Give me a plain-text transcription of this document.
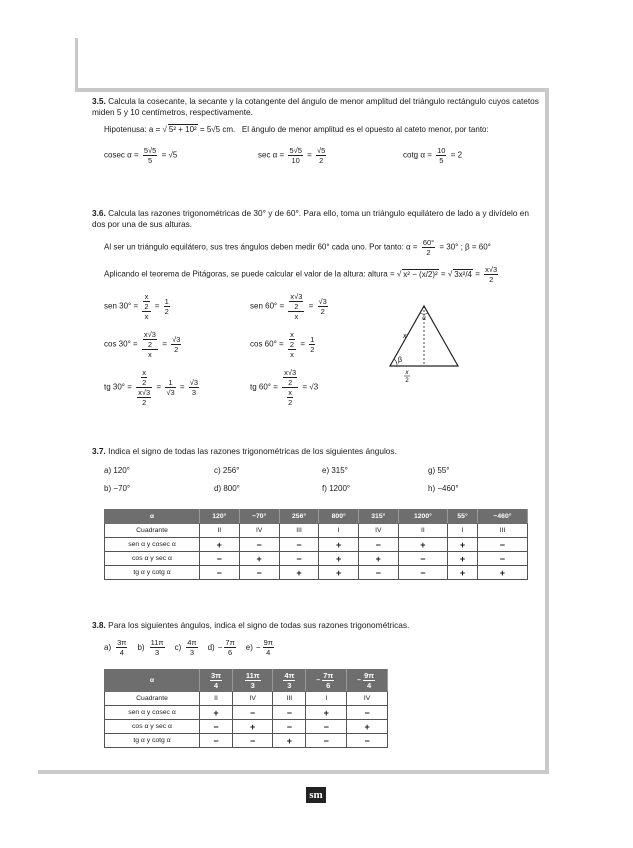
3.5. Calcula la cosecante, la secante y la cotangente del ángulo de menor amplitud del triángulo rectángulo cuyos catetos miden 5 y 10 centímetros, respectivamente.
Hipotenusa: a = √ 5² + 10² = 5√5 cm. El ángulo de menor amplitud es el opuesto al cateto menor, por tanto:
cosec $\alpha = \frac{5√5}{5} = √5$	$\sec \alpha = \frac{5√5}{10} = \frac{√5}{2}$	cotg $\alpha = \frac{10}{5} = 2$
3.6. Calcula las razones trigonométricas de 30° y de 60°. Para ello, toma un triángulo equilátero de lado a y divídelo en dos por una de sus alturas.
Al ser un triángulo equilátero, sus tres ángulos deben medir 60° cada uno. Por tanto: $\alpha = \frac{60^\circ}{2} = 30^\circ$ ; β = 60°
Aplicando el teorema de Pitágoras, se puede calcular el valor de la altura: altura = √ x² − (x/2)² = √ $3x^2/4 = \frac{x√3}{2}$
sen $30^\circ = \frac{\frac{x}{2}}{x} = \frac{1}{2}$
$\cos 30^\circ = \frac{\frac{x√3}{2}}{x} = \frac{√3}{2}$
tg $30^\circ = \frac{\frac{x}{2}}{\frac{x√3}{2}} = \frac{1}{√3} = \frac{√3}{3}$
sen $60^\circ = \frac{\frac{x√3}{2}}{x} = \frac{√3}{2}$
$\cos 60^\circ = \frac{\frac{x}{2}}{x} = \frac{1}{2}$
tg $60^\circ = \frac{\frac{x√3}{2}}{\frac{x}{2}} = √3$
α
β
x
x
2
3.7. Indica el signo de todas las razones trigonométricas de los siguientes ángulos.
a) 120°
b) −70°
c) 256°
d) 800°
e) 315°
f) 1200°
g) 55°
h) −460°
α	120°	−70°	256°	800°	315°	1200°	55°	−460°
Cuadrante	II	IV	III	I	IV	II	I	III
sen α y cosec α	+	−	−	+	−	+	+	−
cos α y sec α	−	+	−	+	+	−	+	−
tg α y cotg α	−	−	+	+	−	−	+	+
3.8. Para los siguientes ángulos, indica el signo de todas sus razones trigonométricas.
$a) \frac{3\pi}{4} b) \frac{11\pi}{3} c) \frac{4\pi}{3} d) - \frac{7\pi}{6} e) - \frac{9\pi}{4}$
α	$\frac{3\pi}{4}$	$\frac{11\pi}{3}$	$\frac{4\pi}{3}$	− $\frac{7\pi}{6}$	− $\frac{9\pi}{4}$

Cuadrante	II	IV	III	I	IV
sen α y cosec α	+	−	−	+	−
cos α y sec α	−	+	−	−	+
tg α y cotg α	−	−	+	−	−
sm
